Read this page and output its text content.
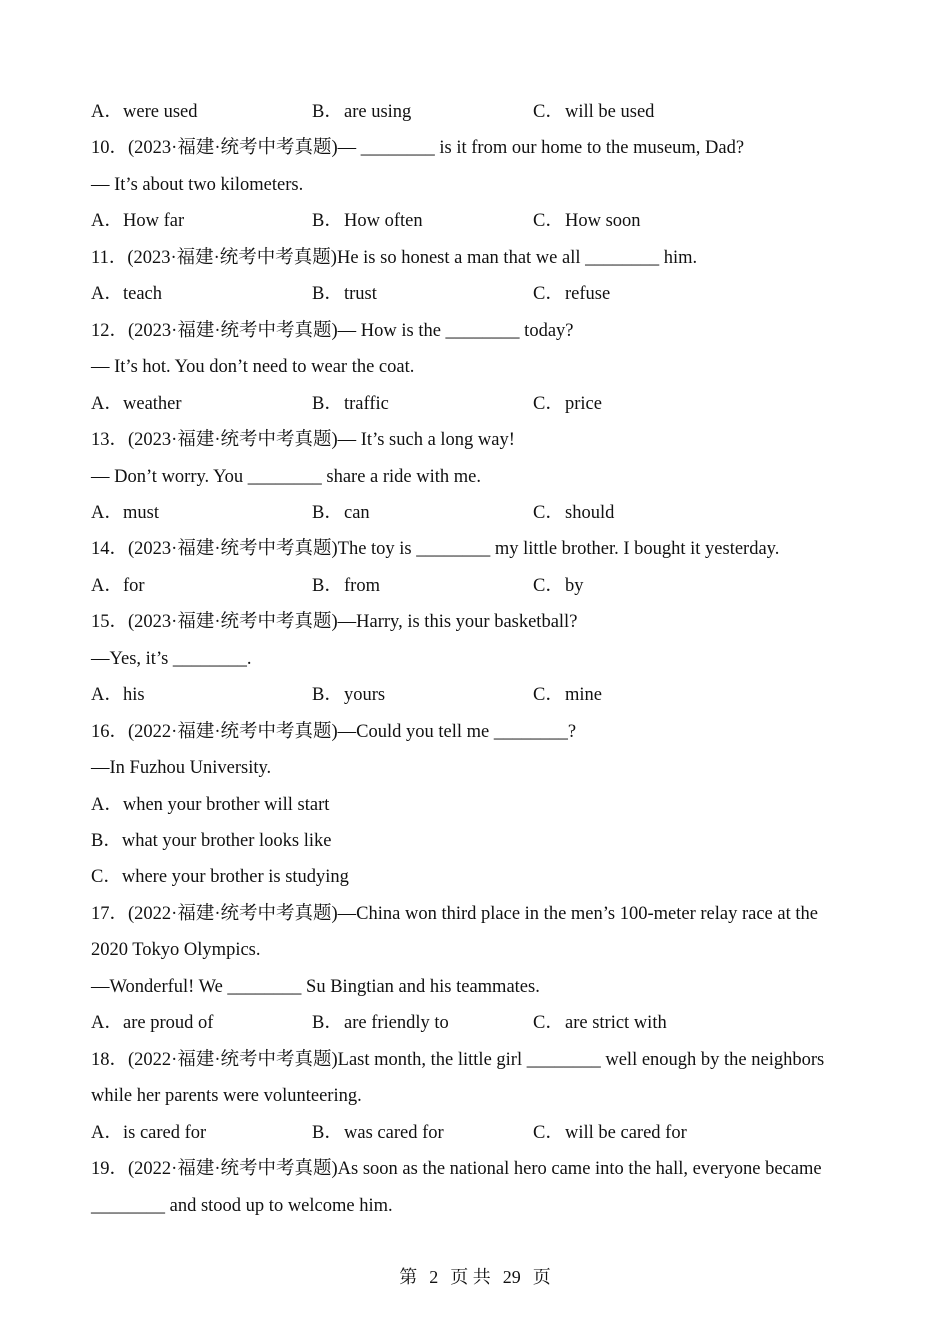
A．were used	B．are using	C．will be used
10．(2023·福建·统考中考真题)— ________ is it from our home to the museum, Dad?
— It’s about two kilometers.
A．How far	B．How often	C．How soon
11．(2023·福建·统考中考真题)He is so honest a man that we all ________ him.
A．teach	B．trust	C．refuse
12．(2023·福建·统考中考真题)— How is the ________ today?
— It’s hot. You don’t need to wear the coat.
A．weather	B．traffic	C．price
13．(2023·福建·统考中考真题)— It’s such a long way!
— Don’t worry. You ________ share a ride with me.
A．must	B．can	C．should
14．(2023·福建·统考中考真题)The toy is ________ my little brother. I bought it yesterday.
A．for	B．from	C．by
15．(2023·福建·统考中考真题)—Harry, is this your basketball?
—Yes, it’s ________.
A．his	B．yours	C．mine
16．(2022·福建·统考中考真题)—Could you tell me ________?
—In Fuzhou University.
A．when your brother will start
B．what your brother looks like
C．where your brother is studying
17．(2022·福建·统考中考真题)—China won third place in the men’s 100-meter relay race at the
2020 Tokyo Olympics.
—Wonderful! We ________ Su Bingtian and his teammates.
A．are proud of	B．are friendly to	C．are strict with
18．(2022·福建·统考中考真题)Last month, the little girl ________ well enough by the neighbors
while her parents were volunteering.
A．is cared for	B．was cared for	C．will be cared for
19．(2022·福建·统考中考真题)As soon as the national hero came into the hall, everyone became
________ and stood up to welcome him.
第 2 页 共 29 页
